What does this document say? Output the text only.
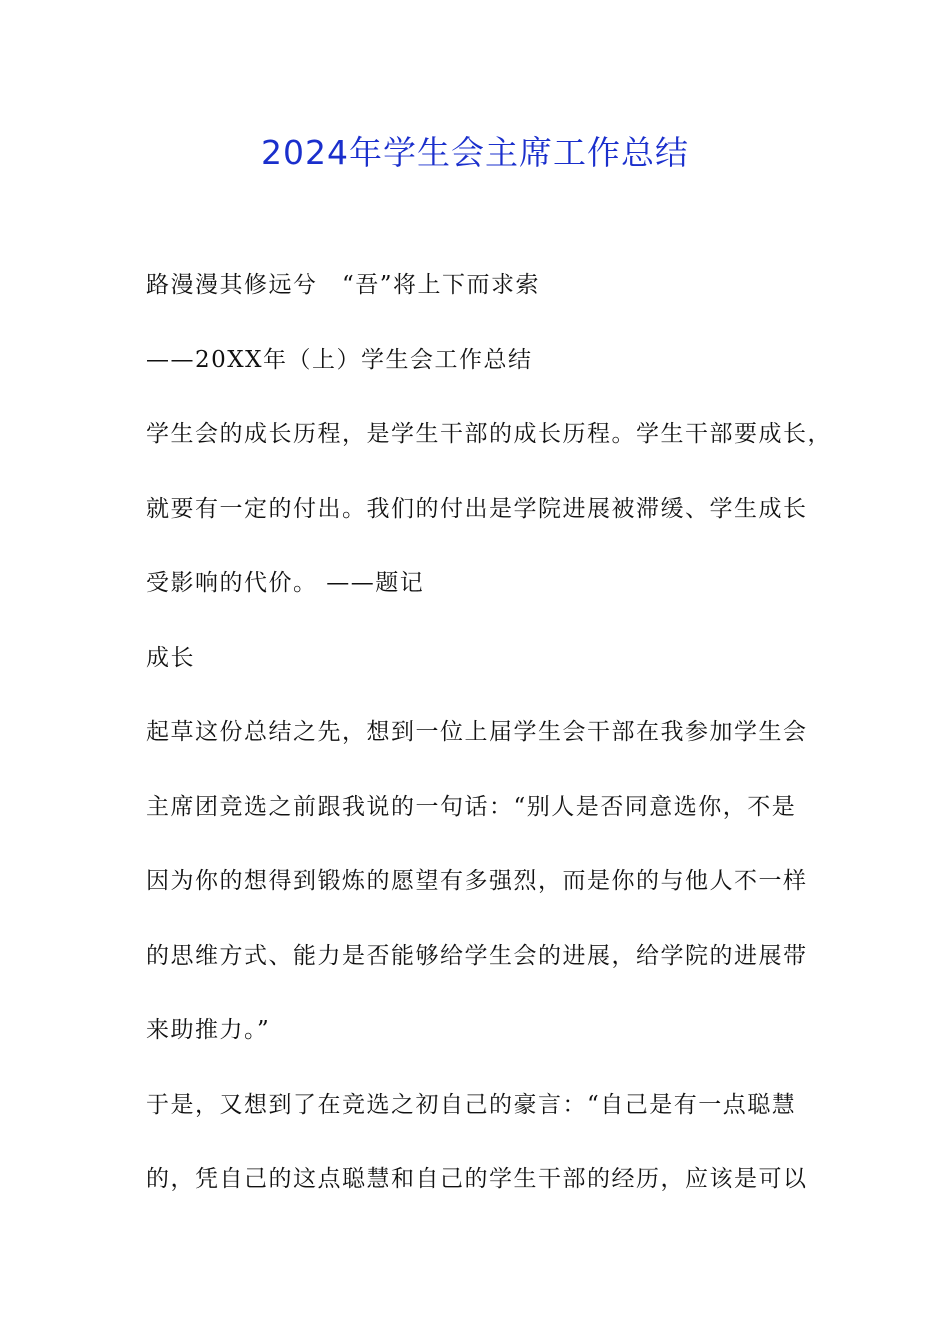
2024年学生会主席工作总结
路漫漫其修远兮　“吾”将上下而求索
——20XX年（上）学生会工作总结
学生会的成长历程，是学生干部的成长历程。学生干部要成长，
就要有一定的付出。我们的付出是学院进展被滞缓、学生成长
受影响的代价。 ——题记
成长
起草这份总结之先，想到一位上届学生会干部在我参加学生会
主席团竞选之前跟我说的一句话：“别人是否同意选你，不是
因为你的想得到锻炼的愿望有多强烈，而是你的与他人不一样
的思维方式、能力是否能够给学生会的进展，给学院的进展带
来助推力。”
于是，又想到了在竞选之初自己的豪言：“自己是有一点聪慧
的，凭自己的这点聪慧和自己的学生干部的经历，应该是可以
